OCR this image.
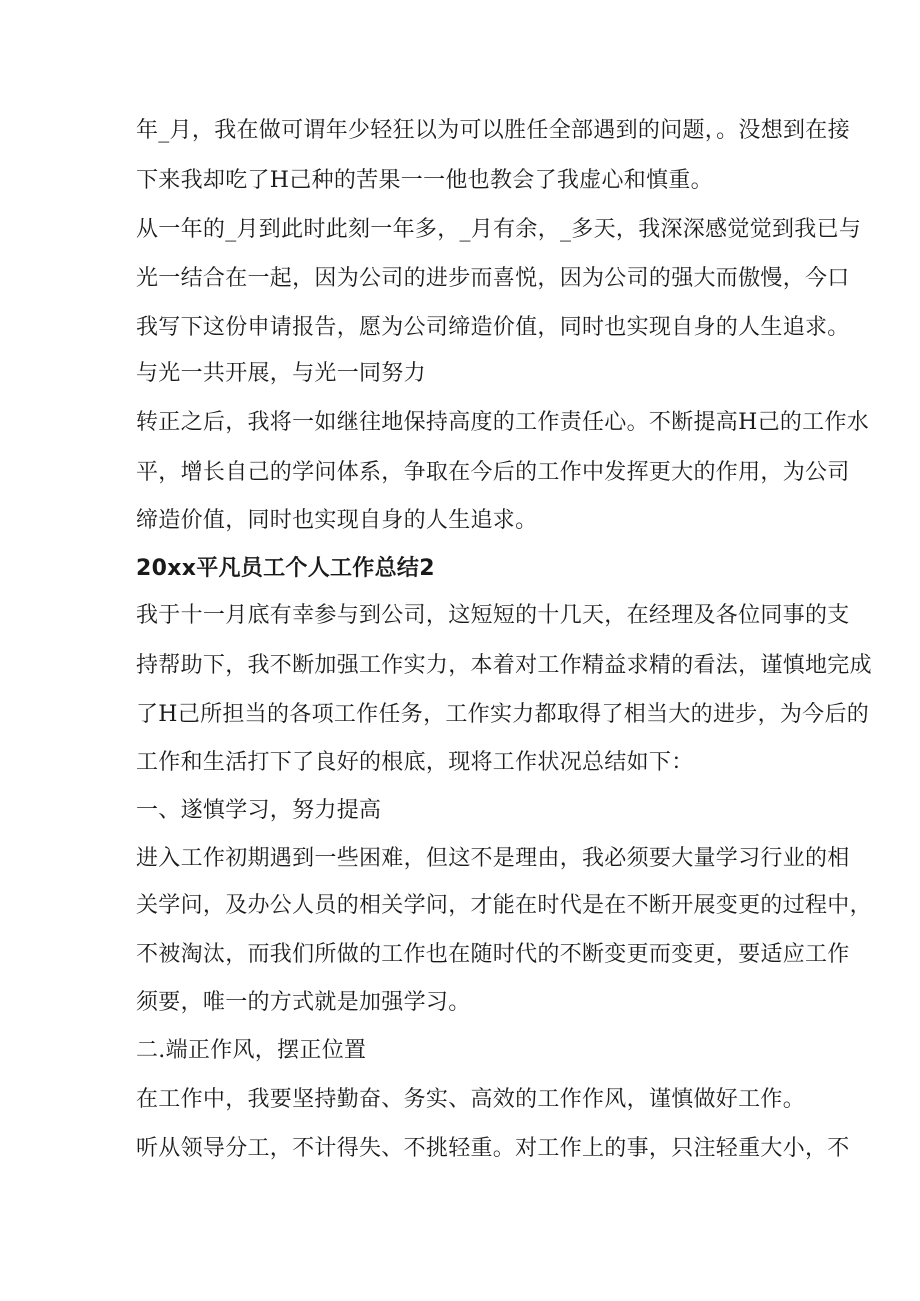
年_月，我在做可谓年少轻狂以为可以胜任全部遇到的问题，。没想到在接
下来我却吃了H己种的苦果一一他也教会了我虚心和慎重。
从一年的_月到此时此刻一年多，_月有余，_多天，我深深感觉觉到我已与
光一结合在一起，因为公司的进步而喜悦，因为公司的强大而傲慢，今口
我写下这份申请报告，愿为公司缔造价值，同时也实现自身的人生追求。
与光一共开展，与光一同努力
转正之后，我将一如继往地保持高度的工作责任心。不断提高H己的工作水
平，增长自己的学问体系，争取在今后的工作中发挥更大的作用，为公司
缔造价值，同时也实现自身的人生追求。
20xx平凡员工个人工作总结2
我于十一月底有幸参与到公司，这短短的十几天，在经理及各位同事的支
持帮助下，我不断加强工作实力，本着对工作精益求精的看法，谨慎地完成
了H己所担当的各项工作任务，工作实力都取得了相当大的进步，为今后的
工作和生活打下了良好的根底，现将工作状况总结如下：
一、遂慎学习，努力提高
进入工作初期遇到一些困难，但这不是理由，我必须要大量学习行业的相
关学问，及办公人员的相关学问，才能在时代是在不断开展变更的过程中，
不被淘汰，而我们所做的工作也在随时代的不断变更而变更，要适应工作
须要，唯一的方式就是加强学习。
二.端正作风，摆正位置
在工作中，我要坚持勤奋、务实、高效的工作作风，谨慎做好工作。
听从领导分工，不计得失、不挑轻重。对工作上的事，只注轻重大小，不
